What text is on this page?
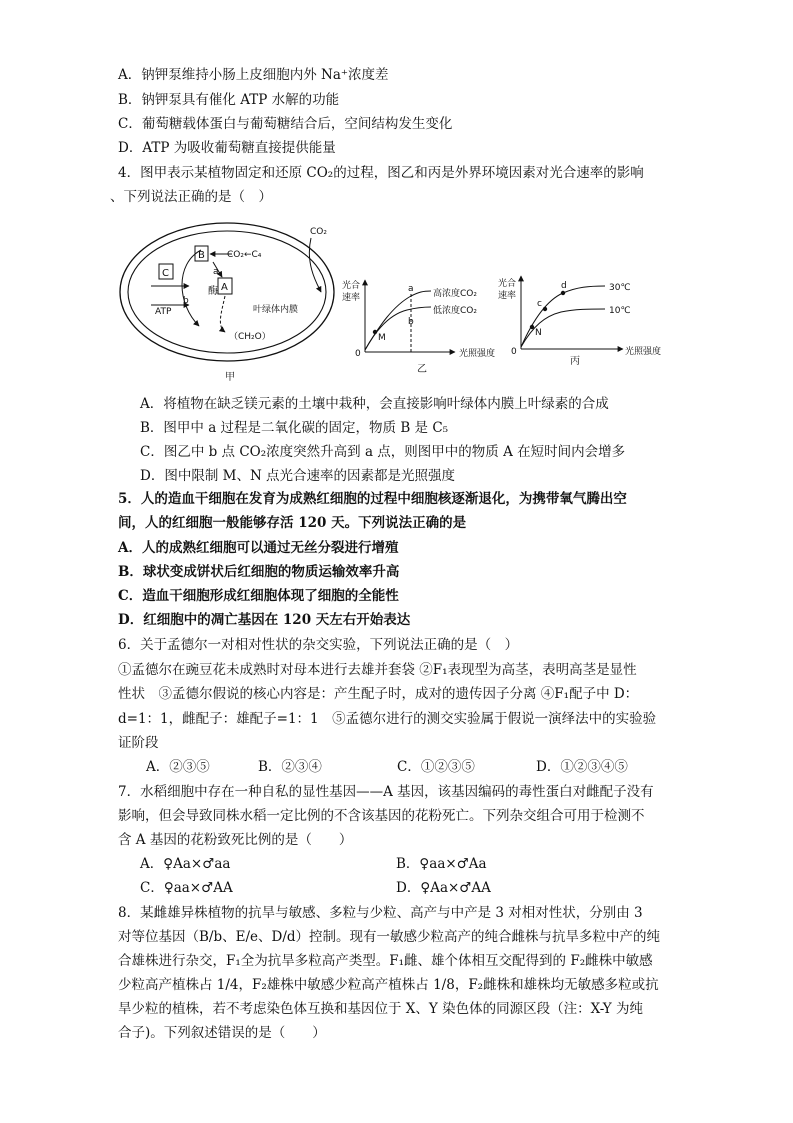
A．钠钾泵维持小肠上皮细胞内外 Na⁺浓度差
B．钠钾泵具有催化 ATP 水解的功能
C．葡萄糖载体蛋白与葡萄糖结合后，空间结构发生变化
D．ATP 为吸收葡萄糖直接提供能量
4．图甲表示某植物固定和还原 CO₂的过程，图乙和丙是外界环境因素对光合速率的影响
、下列说法正确的是（　）
CO₂
B CO₂←C₄
C
A
a
酶
b
ATP
（CH₂O）
叶绿体内膜
甲
光合
速率
0	光照强度
M
a
b
高浓度CO₂
低浓度CO₂
乙
光合
速率
0	光照强度
N
c
d	30℃
10℃
丙
A．将植物在缺乏镁元素的土壤中栽种，会直接影响叶绿体内膜上叶绿素的合成
B．图甲中 a 过程是二氧化碳的固定，物质 B 是 C₅
C．图乙中 b 点 CO₂浓度突然升高到 a 点，则图甲中的物质 A 在短时间内会增多
D．图中限制 M、N 点光合速率的因素都是光照强度
5．人的造血干细胞在发育为成熟红细胞的过程中细胞核逐渐退化，为携带氧气腾出空
间，人的红细胞一般能够存活 120 天。下列说法正确的是
A．人的成熟红细胞可以通过无丝分裂进行增殖
B．球状变成饼状后红细胞的物质运输效率升高
C．造血干细胞形成红细胞体现了细胞的全能性
D．红细胞中的凋亡基因在 120 天左右开始表达
6．关于孟德尔一对相对性状的杂交实验，下列说法正确的是（　）
①孟德尔在豌豆花未成熟时对母本进行去雄并套袋 ②F₁表现型为高茎，表明高茎是显性
性状　③孟德尔假说的核心内容是：产生配子时，成对的遗传因子分离 ④F₁配子中 D：
d=1：1，雌配子：雄配子=1：1　⑤孟德尔进行的测交实验属于假说一演绎法中的实验验
证阶段
A．②③⑤	B．②③④	C．①②③⑤	D．①②③④⑤
7．水稻细胞中存在一种自私的显性基因——A 基因，该基因编码的毒性蛋白对雌配子没有
影响，但会导致同株水稻一定比例的不含该基因的花粉死亡。下列杂交组合可用于检测不
含 A 基因的花粉致死比例的是（　　）
A．♀Aa×♂aa	B．♀aa×♂Aa
C．♀aa×♂AA	D．♀Aa×♂AA
8．某雌雄异株植物的抗旱与敏感、多粒与少粒、高产与中产是 3 对相对性状，分别由 3
对等位基因（B/b、E/e、D/d）控制。现有一敏感少粒高产的纯合雌株与抗旱多粒中产的纯
合雄株进行杂交，F₁全为抗旱多粒高产类型。F₁雌、雄个体相互交配得到的 F₂雌株中敏感
少粒高产植株占 1/4，F₂雄株中敏感少粒高产植株占 1/8，F₂雌株和雄株均无敏感多粒或抗
旱少粒的植株，若不考虑染色体互换和基因位于 X、Y 染色体的同源区段（注：X-Y 为纯
合子)。下列叙述错误的是（　　）
